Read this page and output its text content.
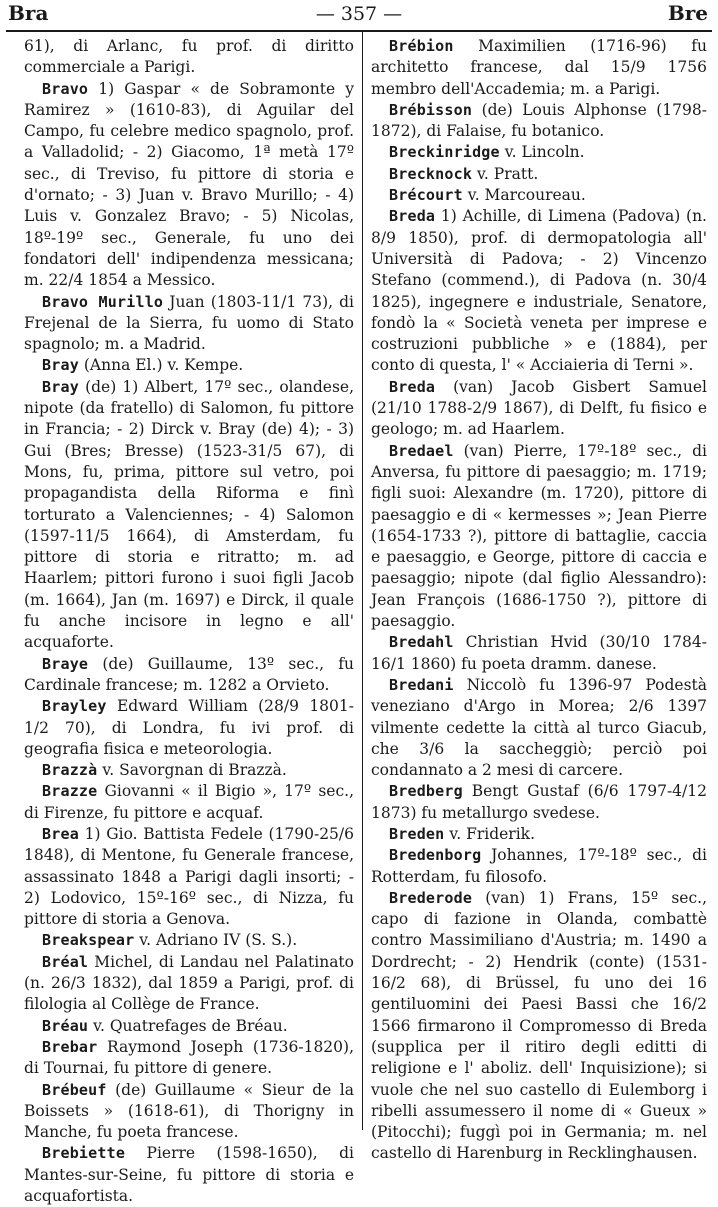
Bra	— 357 —	Bre

61), di Arlanc, fu prof. di diritto commerciale a Parigi.

Bravo 1) Gaspar « de Sobramonte y Ramirez » (1610-83), di Aguilar del Campo, fu celebre medico spagnolo, prof. a Valladolid; - 2) Giacomo, 1ª metà 17º sec., di Treviso, fu pittore di storia e d'ornato; - 3) Juan v. Bravo Murillo; - 4) Luis v. Gonzalez Bravo; - 5) Nicolas, 18º-19º sec., Generale, fu uno dei fondatori dell' indipendenza messicana; m. 22/4 1854 a Messico.

Bravo Murillo Juan (1803-11/1 73), di Frejenal de la Sierra, fu uomo di Stato spagnolo; m. a Madrid.

Bray (Anna El.) v. Kempe.

Bray (de) 1) Albert, 17º sec., olandese, nipote (da fratello) di Salomon, fu pittore in Francia; - 2) Dirck v. Bray (de) 4); - 3) Gui (Bres; Bresse) (1523-31/5 67), di Mons, fu, prima, pittore sul vetro, poi propagandista della Riforma e finì torturato a Valenciennes; - 4) Salomon (1597-11/5 1664), di Amsterdam, fu pittore di storia e ritratto; m. ad Haarlem; pittori furono i suoi figli Jacob (m. 1664), Jan (m. 1697) e Dirck, il quale fu anche incisore in legno e all' acquaforte.

Braye (de) Guillaume, 13º sec., fu Cardinale francese; m. 1282 a Orvieto.

Brayley Edward William (28/9 1801-1/2 70), di Londra, fu ivi prof. di geografia fisica e meteorologia.

Brazzà v. Savorgnan di Brazzà.

Brazze Giovanni « il Bigio », 17º sec., di Firenze, fu pittore e acquaf.

Brea 1) Gio. Battista Fedele (1790-25/6 1848), di Mentone, fu Generale francese, assassinato 1848 a Parigi dagli insorti; - 2) Lodovico, 15º-16º sec., di Nizza, fu pittore di storia a Genova.

Breakspear v. Adriano IV (S. S.).

Bréal Michel, di Landau nel Palatinato (n. 26/3 1832), dal 1859 a Parigi, prof. di filologia al Collège de France.

Bréau v. Quatrefages de Bréau.

Brebar Raymond Joseph (1736-1820), di Tournai, fu pittore di genere.

Brébeuf (de) Guillaume « Sieur de la Boissets » (1618-61), di Thorigny in Manche, fu poeta francese.

Brebiette Pierre (1598-1650), di Mantes-sur-Seine, fu pittore di storia e acquafortista.

Brébion Maximilien (1716-96) fu architetto francese, dal 15/9 1756 membro dell'Accademia; m. a Parigi.

Brébisson (de) Louis Alphonse (1798-1872), di Falaise, fu botanico.

Breckinridge v. Lincoln.

Brecknock v. Pratt.

Brécourt v. Marcoureau.

Breda 1) Achille, di Limena (Padova) (n. 8/9 1850), prof. di dermopatologia all' Università di Padova; - 2) Vincenzo Stefano (commend.), di Padova (n. 30/4 1825), ingegnere e industriale, Senatore, fondò la « Società veneta per imprese e costruzioni pubbliche » e (1884), per conto di questa, l' « Acciaieria di Terni ».

Breda (van) Jacob Gisbert Samuel (21/10 1788-2/9 1867), di Delft, fu fisico e geologo; m. ad Haarlem.

Bredael (van) Pierre, 17º-18º sec., di Anversa, fu pittore di paesaggio; m. 1719; figli suoi: Alexandre (m. 1720), pittore di paesaggio e di « kermesses »; Jean Pierre (1654-1733 ?), pittore di battaglie, caccia e paesaggio, e George, pittore di caccia e paesaggio; nipote (dal figlio Alessandro): Jean François (1686-1750 ?), pittore di paesaggio.

Bredahl Christian Hvid (30/10 1784-16/1 1860) fu poeta dramm. danese.

Bredani Niccolò fu 1396-97 Podestà veneziano d'Argo in Morea; 2/6 1397 vilmente cedette la città al turco Giacub, che 3/6 la saccheggiò; perciò poi condannato a 2 mesi di carcere.

Bredberg Bengt Gustaf (6/6 1797-4/12 1873) fu metallurgo svedese.

Breden v. Friderik.

Bredenborg Johannes, 17º-18º sec., di Rotterdam, fu filosofo.

Brederode (van) 1) Frans, 15º sec., capo di fazione in Olanda, combattè contro Massimiliano d'Austria; m. 1490 a Dordrecht; - 2) Hendrik (conte) (1531-16/2 68), di Brüssel, fu uno dei 16 gentiluomini dei Paesi Bassi che 16/2 1566 firmarono il Compromesso di Breda (supplica per il ritiro degli editti di religione e l' aboliz. dell' Inquisizione); si vuole che nel suo castello di Eulemborg i ribelli assumessero il nome di « Gueux » (Pitocchi); fuggì poi in Germania; m. nel castello di Harenburg in Recklinghausen.
